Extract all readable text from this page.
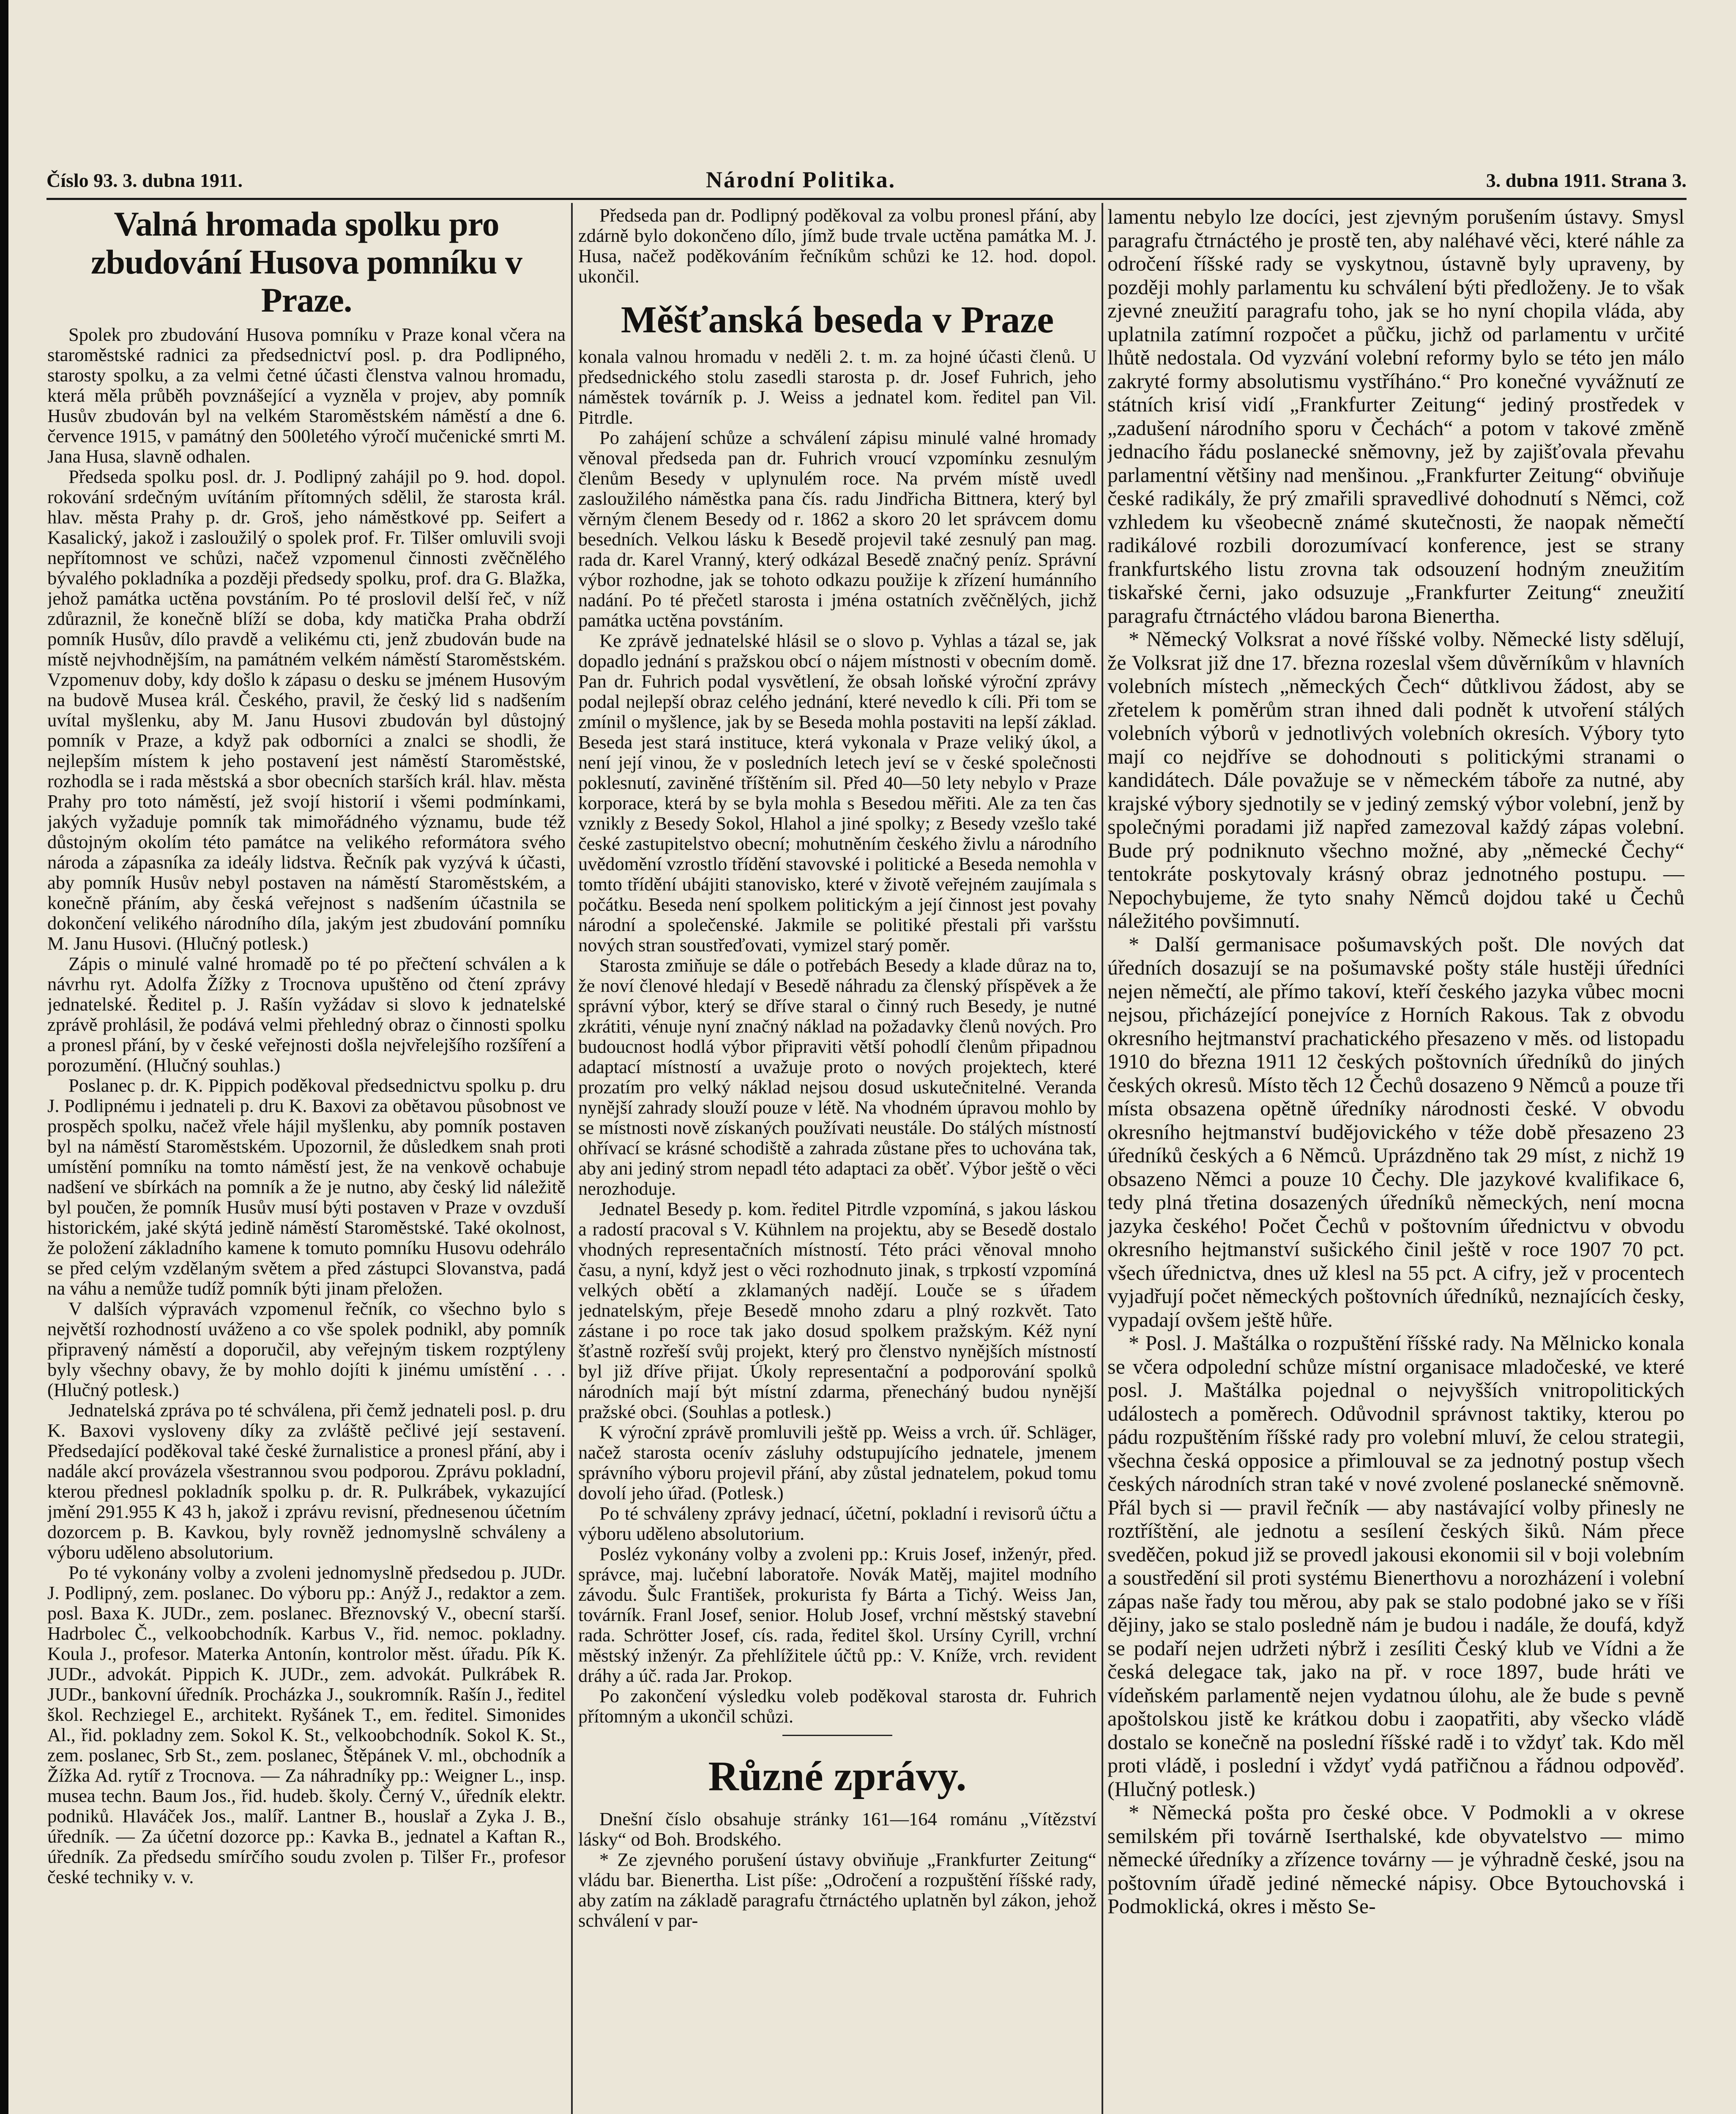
Číslo 93. 3. dubna 1911.	Národní Politika.	3. dubna 1911. Strana 3.
Valná hromada spolku pro zbudování Husova pomníku v Praze.

Spolek pro zbudování Husova pomníku v Praze konal včera na staroměstské radnici za předsednictví posl. p. dra Podlipného, starosty spolku, a za velmi četné účasti členstva valnou hromadu, která měla průběh povznášející a vyzněla v projev, aby pomník Husův zbudován byl na velkém Staroměstském náměstí a dne 6. července 1915, v památný den 500letého výročí mučenické smrti M. Jana Husa, slavně odhalen.

Předseda spolku posl. dr. J. Podlipný zahájil po 9. hod. dopol. rokování srdečným uvítáním přítomných sdělil, že starosta král. hlav. města Prahy p. dr. Groš, jeho náměstkové pp. Seifert a Kasalický, jakož i zasloužilý o spolek prof. Fr. Tilšer omluvili svoji nepřítomnost ve schůzi, načež vzpomenul činnosti zvěčnělého bývalého pokladníka a později předsedy spolku, prof. dra G. Blažka, jehož památka uctěna povstáním. Po té proslovil delší řeč, v níž zdůraznil, že konečně blíží se doba, kdy matička Praha obdrží pomník Husův, dílo pravdě a velikému cti, jenž zbudován bude na místě nejvhodnějším, na památném velkém náměstí Staroměstském. Vzpomenuv doby, kdy došlo k zápasu o desku se jménem Husovým na budově Musea král. Českého, pravil, že český lid s nadšením uvítal myšlenku, aby M. Janu Husovi zbudován byl důstojný pomník v Praze, a když pak odborníci a znalci se shodli, že nejlepším místem k jeho postavení jest náměstí Staroměstské, rozhodla se i rada městská a sbor obecních starších král. hlav. města Prahy pro toto náměstí, jež svojí historií i všemi podmínkami, jakých vyžaduje pomník tak mimořádného významu, bude též důstojným okolím této památce na velikého reformátora svého národa a zápasníka za ideály lidstva. Řečník pak vyzývá k účasti, aby pomník Husův nebyl postaven na náměstí Staroměstském, a konečně přáním, aby česká veřejnost s nadšením účastnila se dokončení velikého národního díla, jakým jest zbudování pomníku M. Janu Husovi. (Hlučný potlesk.)

Zápis o minulé valné hromadě po té po přečtení schválen a k návrhu ryt. Adolfa Žížky z Trocnova upuštěno od čtení zprávy jednatelské. Ředitel p. J. Rašín vyžádav si slovo k jednatelské zprávě prohlásil, že podává velmi přehledný obraz o činnosti spolku a pronesl přání, by v české veřejnosti došla nejvřelejšího rozšíření a porozumění. (Hlučný souhlas.)

Poslanec p. dr. K. Pippich poděkoval předsednictvu spolku p. dru J. Podlipnému i jednateli p. dru K. Baxovi za obětavou působnost ve prospěch spolku, načež vřele hájil myšlenku, aby pomník postaven byl na náměstí Staroměstském. Upozornil, že důsledkem snah proti umístění pomníku na tomto náměstí jest, že na venkově ochabuje nadšení ve sbírkách na pomník a že je nutno, aby český lid náležitě byl poučen, že pomník Husův musí býti postaven v Praze v ovzduší historickém, jaké skýtá jedině náměstí Staroměstské. Také okolnost, že položení základního kamene k tomuto pomníku Husovu odehrálo se před celým vzdělaným světem a před zástupci Slovanstva, padá na váhu a nemůže tudíž pomník býti jinam přeložen.

V dalších výpravách vzpomenul řečník, co všechno bylo s největší rozhodností uváženo a co vše spolek podnikl, aby pomník připravený náměstí a doporučil, aby veřejným tiskem rozptýleny byly všechny obavy, že by mohlo dojíti k jinému umístění . . . (Hlučný potlesk.)

Jednatelská zpráva po té schválena, při čemž jednateli posl. p. dru K. Baxovi vysloveny díky za zvláště pečlivé její sestavení. Předsedající poděkoval také české žurnalistice a pronesl přání, aby i nadále akcí provázela všestrannou svou podporou. Zprávu pokladní, kterou přednesl pokladník spolku p. dr. R. Pulkrábek, vykazující jmění 291.955 K 43 h, jakož i zprávu revisní, přednesenou účetním dozorcem p. B. Kavkou, byly rovněž jednomyslně schváleny a výboru uděleno absolutorium.

Po té vykonány volby a zvoleni jednomyslně předsedou p. JUDr. J. Podlipný, zem. poslanec. Do výboru pp.: Anýž J., redaktor a zem. posl. Baxa K. JUDr., zem. poslanec. Březnovský V., obecní starší. Hadrbolec Č., velkoobchodník. Karbus V., řid. nemoc. pokladny. Koula J., profesor. Materka Antonín, kontrolor měst. úřadu. Pík K. JUDr., advokát. Pippich K. JUDr., zem. advokát. Pulkrábek R. JUDr., bankovní úředník. Procházka J., soukromník. Rašín J., ředitel škol. Rechziegel E., architekt. Ryšánek T., em. ředitel. Simonides Al., řid. pokladny zem. Sokol K. St., velkoobchodník. Sokol K. St., zem. poslanec, Srb St., zem. poslanec, Štěpánek V. ml., obchodník a Žížka Ad. rytíř z Trocnova. — Za náhradníky pp.: Weigner L., insp. musea techn. Baum Jos., řid. hudeb. školy. Černý V., úředník elektr. podniků. Hlaváček Jos., malíř. Lantner B., houslař a Zyka J. B., úředník. — Za účetní dozorce pp.: Kavka B., jednatel a Kaftan R., úředník. Za předsedu smírčího soudu zvolen p. Tilšer Fr., profesor české techniky v. v.

Předseda pan dr. Podlipný poděkoval za volbu pronesl přání, aby zdárně bylo dokončeno dílo, jímž bude trvale uctěna památka M. J. Husa, načež poděkováním řečníkům schůzi ke 12. hod. dopol. ukončil.

Měšťanská beseda v Praze

konala valnou hromadu v neděli 2. t. m. za hojné účasti členů. U předsednického stolu zasedli starosta p. dr. Josef Fuhrich, jeho náměstek továrník p. J. Weiss a jednatel kom. ředitel pan Vil. Pitrdle.

Po zahájení schůze a schválení zápisu minulé valné hromady věnoval předseda pan dr. Fuhrich vroucí vzpomínku zesnulým členům Besedy v uplynulém roce. Na prvém místě uvedl zasloužilého náměstka pana čís. radu Jindřicha Bittnera, který byl věrným členem Besedy od r. 1862 a skoro 20 let správcem domu besedních. Velkou lásku k Besedě projevil také zesnulý pan mag. rada dr. Karel Vranný, který odkázal Besedě značný peníz. Správní výbor rozhodne, jak se tohoto odkazu použije k zřízení humánního nadání. Po té přečetl starosta i jména ostatních zvěčnělých, jichž památka uctěna povstáním.

Ke zprávě jednatelské hlásil se o slovo p. Vyhlas a tázal se, jak dopadlo jednání s pražskou obcí o nájem místnosti v obecním domě. Pan dr. Fuhrich podal vysvětlení, že obsah loňské výroční zprávy podal nejlepší obraz celého jednání, které nevedlo k cíli. Při tom se zmínil o myšlence, jak by se Beseda mohla postaviti na lepší základ. Beseda jest stará instituce, která vykonala v Praze veliký úkol, a není její vinou, že v posledních letech jeví se v české společnosti poklesnutí, zaviněné tříštěním sil. Před 40—50 lety nebylo v Praze korporace, která by se byla mohla s Besedou měřiti. Ale za ten čas vznikly z Besedy Sokol, Hlahol a jiné spolky; z Besedy vzešlo také české zastupitelstvo obecní; mohutněním českého živlu a národního uvědomění vzrostlo třídění stavovské i politické a Beseda nemohla v tomto třídění ubájiti stanovisko, které v životě veřejném zaujímala s počátku. Beseda není spolkem politickým a její činnost jest povahy národní a společenské. Jakmile se politiké přestali při varšstu nových stran soustřeďovati, vymizel starý poměr.

Starosta zmiňuje se dále o potřebách Besedy a klade důraz na to, že noví členové hledají v Besedě náhradu za členský příspěvek a že správní výbor, který se dříve staral o činný ruch Besedy, je nutné zkrátiti, vénuje nyní značný náklad na požadavky členů nových. Pro budoucnost hodlá výbor připraviti větší pohodlí členům připadnou adaptací místností a uvažuje proto o nových projektech, které prozatím pro velký náklad nejsou dosud uskutečnitelné. Veranda nynější zahrady slouží pouze v létě. Na vhodném úpravou mohlo by se místnosti nově získaných používati neustále. Do stálých místností ohřívací se krásné schodiště a zahrada zůstane přes to uchována tak, aby ani jediný strom nepadl této adaptaci za oběť. Výbor ještě o věci nerozhoduje.

Jednatel Besedy p. kom. ředitel Pitrdle vzpomíná, s jakou láskou a radostí pracoval s V. Kühnlem na projektu, aby se Besedě dostalo vhodných representačních místností. Této práci věnoval mnoho času, a nyní, když jest o věci rozhodnuto jinak, s trpkostí vzpomíná velkých obětí a zklamaných nadějí. Louče se s úřadem jednatelským, přeje Besedě mnoho zdaru a plný rozkvět. Tato zástane i po roce tak jako dosud spolkem pražským. Kéž nyní šťastně rozřeší svůj projekt, který pro členstvo nynějších místností byl již dříve přijat. Úkoly representační a podporování spolků národních mají být místní zdarma, přenecháný budou nynější pražské obci. (Souhlas a potlesk.)

K výroční zprávě promluvili ještě pp. Weiss a vrch. úř. Schläger, načež starosta ocenív zásluhy odstupujícího jednatele, jmenem správního výboru projevil přání, aby zůstal jednatelem, pokud tomu dovolí jeho úřad. (Potlesk.)

Po té schváleny zprávy jednací, účetní, pokladní i revisorů účtu a výboru uděleno absolutorium.

Posléz vykonány volby a zvoleni pp.: Kruis Josef, inženýr, před. správce, maj. lučební laboratoře. Novák Matěj, majitel modního závodu. Šulc František, prokurista fy Bárta a Tichý. Weiss Jan, továrník. Franl Josef, senior. Holub Josef, vrchní městský stavební rada. Schrötter Josef, cís. rada, ředitel škol. Ursíny Cyrill, vrchní městský inženýr. Za přehlížitele účtů pp.: V. Kníže, vrch. revident dráhy a úč. rada Jar. Prokop.

Po zakončení výsledku voleb poděkoval starosta dr. Fuhrich přítomným a ukončil schůzi.

Různé zprávy.

Dnešní číslo obsahuje stránky 161—164 románu „Vítězství lásky“ od Boh. Brodského.

* Ze zjevného porušení ústavy obviňuje „Frankfurter Zeitung“ vládu bar. Bienertha. List píše: „Odročení a rozpuštění říšské rady, aby zatím na základě paragrafu čtrnáctého uplatněn byl zákon, jehož schválení v par-

lamentu nebylo lze docíci, jest zjevným porušením ústavy. Smysl paragrafu čtrnáctého je prostě ten, aby naléhavé věci, které náhle za odročení říšské rady se vyskytnou, ústavně byly upraveny, by později mohly parlamentu ku schválení býti předloženy. Je to však zjevné zneužití paragrafu toho, jak se ho nyní chopila vláda, aby uplatnila zatímní rozpočet a půčku, jichž od parlamentu v určité lhůtě nedostala. Od vyzvání volební reformy bylo se této jen málo zakryté formy absolutismu vystříháno.“ Pro konečné vyvážnutí ze státních krisí vidí „Frankfurter Zeitung“ jediný prostředek v „zadušení národního sporu v Čechách“ a potom v takové změně jednacího řádu poslanecké sněmovny, jež by zajišťovala převahu parlamentní většiny nad menšinou. „Frankfurter Zeitung“ obviňuje české radikály, že prý zmařili spravedlivé dohodnutí s Němci, což vzhledem ku všeobecně známé skutečnosti, že naopak němečtí radikálové rozbili dorozumívací konference, jest se strany frankfurtského listu zrovna tak odsouzení hodným zneužitím tiskařské černi, jako odsuzuje „Frankfurter Zeitung“ zneužití paragrafu čtrnáctého vládou barona Bienertha.

* Německý Volksrat a nové říšské volby. Německé listy sdělují, že Volksrat již dne 17. března rozeslal všem důvěrníkům v hlavních volebních místech „německých Čech“ důtklivou žádost, aby se zřetelem k poměrům stran ihned dali podnět k utvoření stálých volebních výborů v jednotlivých volebních okresích. Výbory tyto mají co nejdříve se dohodnouti s politickými stranami o kandidátech. Dále považuje se v německém táboře za nutné, aby krajské výbory sjednotily se v jediný zemský výbor volební, jenž by společnými poradami již napřed zamezoval každý zápas volební. Bude prý podniknuto všechno možné, aby „německé Čechy“ tentokráte poskytovaly krásný obraz jednotného postupu. — Nepochybujeme, že tyto snahy Němců dojdou také u Čechů náležitého povšimnutí.

* Další germanisace pošumavských pošt. Dle nových dat úředních dosazují se na pošumavské pošty stále hustěji úředníci nejen němečtí, ale přímo takoví, kteří českého jazyka vůbec mocni nejsou, přicházející ponejvíce z Horních Rakous. Tak z obvodu okresního hejtmanství prachatického přesazeno v měs. od listopadu 1910 do března 1911 12 českých poštovních úředníků do jiných českých okresů. Místo těch 12 Čechů dosazeno 9 Němců a pouze tři místa obsazena opětně úředníky národnosti české. V obvodu okresního hejtmanství budějovického v téže době přesazeno 23 úředníků českých a 6 Němců. Uprázdněno tak 29 míst, z nichž 19 obsazeno Němci a pouze 10 Čechy. Dle jazykové kvalifikace 6, tedy plná třetina dosazených úředníků německých, není mocna jazyka českého! Počet Čechů v poštovním úřednictvu v obvodu okresního hejtmanství sušického činil ještě v roce 1907 70 pct. všech úřednictva, dnes už klesl na 55 pct. A cifry, jež v procentech vyjadřují počet německých poštovních úředníků, neznajících česky, vypadají ovšem ještě hůře.

* Posl. J. Maštálka o rozpuštění říšské rady. Na Mělnicko konala se včera odpolední schůze místní organisace mladočeské, ve které posl. J. Maštálka pojednal o nejvyšších vnitropolitických událostech a poměrech. Odůvodnil správnost taktiky, kterou po pádu rozpuštěním říšské rady pro volební mluví, že celou strategii, všechna česká opposice a přimlouval se za jednotný postup všech českých národních stran také v nové zvolené poslanecké sněmovně. Přál bych si — pravil řečník — aby nastávající volby přinesly ne roztříštění, ale jednotu a sesílení českých šiků. Nám přece sveděčen, pokud již se provedl jakousi ekonomii sil v boji volebním a soustředění sil proti systému Bienerthovu a norozházení i volební zápas naše řady tou měrou, aby pak se stalo podobné jako se v říši dějiny, jako se stalo posledně nám je budou i nadále, že doufá, když se podaří nejen udržeti nýbrž i zesíliti Český klub ve Vídni a že česká delegace tak, jako na př. v roce 1897, bude hráti ve vídeňském parlamentě nejen vydatnou úlohu, ale že bude s pevně apoštolskou jistě ke krátkou dobu i zaopatřiti, aby všecko vládě dostalo se konečně na poslední říšské radě i to vždyť tak. Kdo měl proti vládě, i poslední i vždyť vydá patřičnou a řádnou odpověď. (Hlučný potlesk.)

* Německá pošta pro české obce. V Podmokli a v okrese semilském při továrně Iserthalské, kde obyvatelstvo — mimo německé úředníky a zřízence továrny — je výhradně české, jsou na poštovním úřadě jediné německé nápisy. Obce Bytouchovská i Podmoklická, okres i město Se-
